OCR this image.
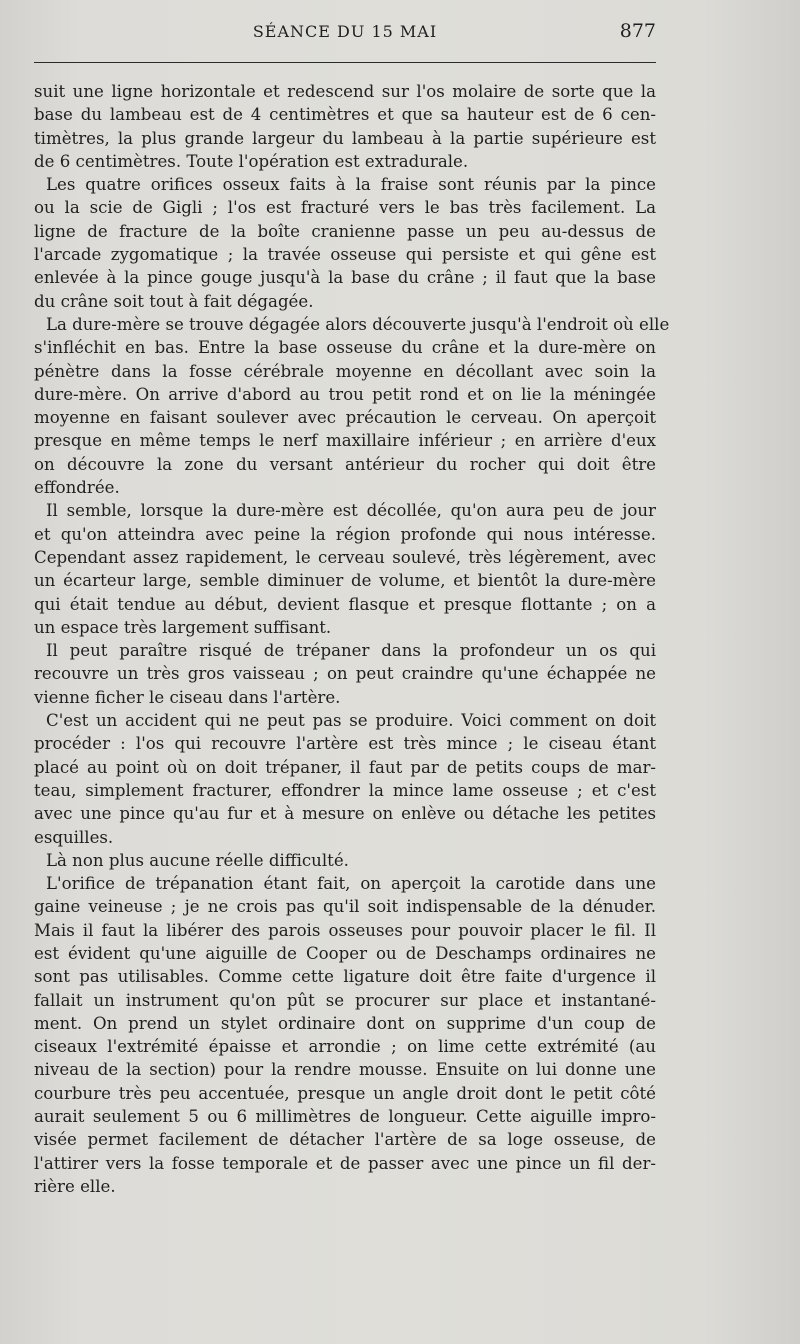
SÉANCE DU 15 MAI	877
suit une ligne horizontale et redescend sur l'os molaire de sorte que la
base du lambeau est de 4 centimètres et que sa hauteur est de 6 cen-
timètres, la plus grande largeur du lambeau à la partie supérieure est
de 6 centimètres. Toute l'opération est extradurale.
Les quatre orifices osseux faits à la fraise sont réunis par la pince
ou la scie de Gigli ; l'os est fracturé vers le bas très facilement. La
ligne de fracture de la boîte cranienne passe un peu au-dessus de
l'arcade zygomatique ; la travée osseuse qui persiste et qui gêne est
enlevée à la pince gouge jusqu'à la base du crâne ; il faut que la base
du crâne soit tout à fait dégagée.
La dure-mère se trouve dégagée alors découverte jusqu'à l'endroit où elle
s'infléchit en bas. Entre la base osseuse du crâne et la dure-mère on
pénètre dans la fosse cérébrale moyenne en décollant avec soin la
dure-mère. On arrive d'abord au trou petit rond et on lie la méningée
moyenne en faisant soulever avec précaution le cerveau. On aperçoit
presque en même temps le nerf maxillaire inférieur ; en arrière d'eux
on découvre la zone du versant antérieur du rocher qui doit être
effondrée.
Il semble, lorsque la dure-mère est décollée, qu'on aura peu de jour
et qu'on atteindra avec peine la région profonde qui nous intéresse.
Cependant assez rapidement, le cerveau soulevé, très légèrement, avec
un écarteur large, semble diminuer de volume, et bientôt la dure-mère
qui était tendue au début, devient flasque et presque flottante ; on a
un espace très largement suffisant.
Il peut paraître risqué de trépaner dans la profondeur un os qui
recouvre un très gros vaisseau ; on peut craindre qu'une échappée ne
vienne ficher le ciseau dans l'artère.
C'est un accident qui ne peut pas se produire. Voici comment on doit
procéder : l'os qui recouvre l'artère est très mince ; le ciseau étant
placé au point où on doit trépaner, il faut par de petits coups de mar-
teau, simplement fracturer, effondrer la mince lame osseuse ; et c'est
avec une pince qu'au fur et à mesure on enlève ou détache les petites
esquilles.
Là non plus aucune réelle difficulté.
L'orifice de trépanation étant fait, on aperçoit la carotide dans une
gaine veineuse ; je ne crois pas qu'il soit indispensable de la dénuder.
Mais il faut la libérer des parois osseuses pour pouvoir placer le fil. Il
est évident qu'une aiguille de Cooper ou de Deschamps ordinaires ne
sont pas utilisables. Comme cette ligature doit être faite d'urgence il
fallait un instrument qu'on pût se procurer sur place et instantané-
ment. On prend un stylet ordinaire dont on supprime d'un coup de
ciseaux l'extrémité épaisse et arrondie ; on lime cette extrémité (au
niveau de la section) pour la rendre mousse. Ensuite on lui donne une
courbure très peu accentuée, presque un angle droit dont le petit côté
aurait seulement 5 ou 6 millimètres de longueur. Cette aiguille impro-
visée permet facilement de détacher l'artère de sa loge osseuse, de
l'attirer vers la fosse temporale et de passer avec une pince un fil der-
rière elle.
